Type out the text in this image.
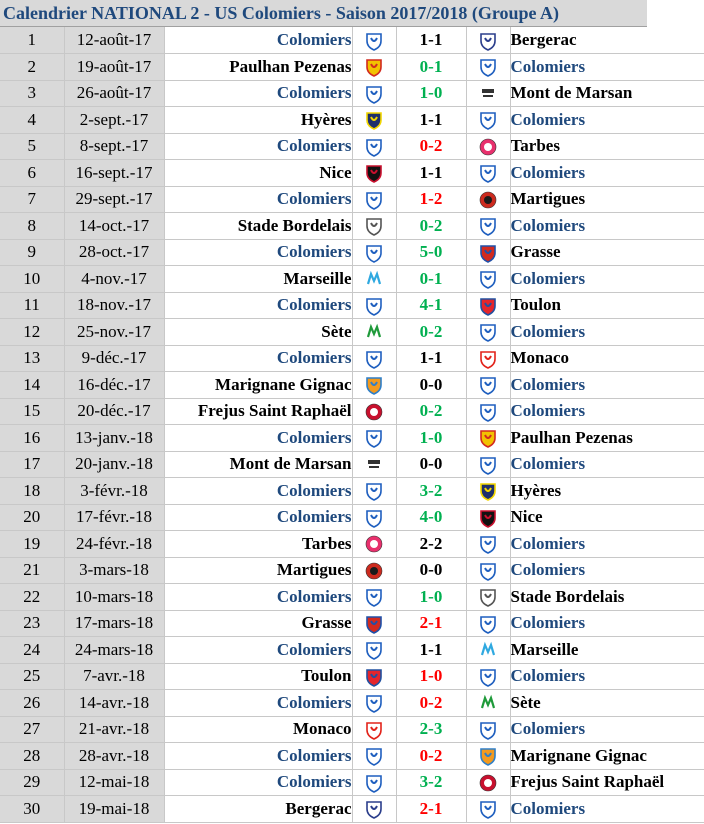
Calendrier NATIONAL 2 - US Colomiers - Saison 2017/2018 (Groupe A)
1	12-août-17	Colomiers		1-1		Bergerac
2	19-août-17	Paulhan Pezenas		0-1		Colomiers
3	26-août-17	Colomiers		1-0		Mont de Marsan
4	2-sept.-17	Hyères		1-1		Colomiers
5	8-sept.-17	Colomiers		0-2		Tarbes
6	16-sept.-17	Nice		1-1		Colomiers
7	29-sept.-17	Colomiers		1-2		Martigues
8	14-oct.-17	Stade Bordelais		0-2		Colomiers
9	28-oct.-17	Colomiers		5-0		Grasse
10	4-nov.-17	Marseille		0-1		Colomiers
11	18-nov.-17	Colomiers		4-1		Toulon
12	25-nov.-17	Sète		0-2		Colomiers
13	9-déc.-17	Colomiers		1-1		Monaco
14	16-déc.-17	Marignane Gignac		0-0		Colomiers
15	20-déc.-17	Frejus Saint Raphaël		0-2		Colomiers
16	13-janv.-18	Colomiers		1-0		Paulhan Pezenas
17	20-janv.-18	Mont de Marsan		0-0		Colomiers
18	3-févr.-18	Colomiers		3-2		Hyères
20	17-févr.-18	Colomiers		4-0		Nice
19	24-févr.-18	Tarbes		2-2		Colomiers
21	3-mars-18	Martigues		0-0		Colomiers
22	10-mars-18	Colomiers		1-0		Stade Bordelais
23	17-mars-18	Grasse		2-1		Colomiers
24	24-mars-18	Colomiers		1-1		Marseille
25	7-avr.-18	Toulon		1-0		Colomiers
26	14-avr.-18	Colomiers		0-2		Sète
27	21-avr.-18	Monaco		2-3		Colomiers
28	28-avr.-18	Colomiers		0-2		Marignane Gignac
29	12-mai-18	Colomiers		3-2		Frejus Saint Raphaël
30	19-mai-18	Bergerac		2-1		Colomiers
